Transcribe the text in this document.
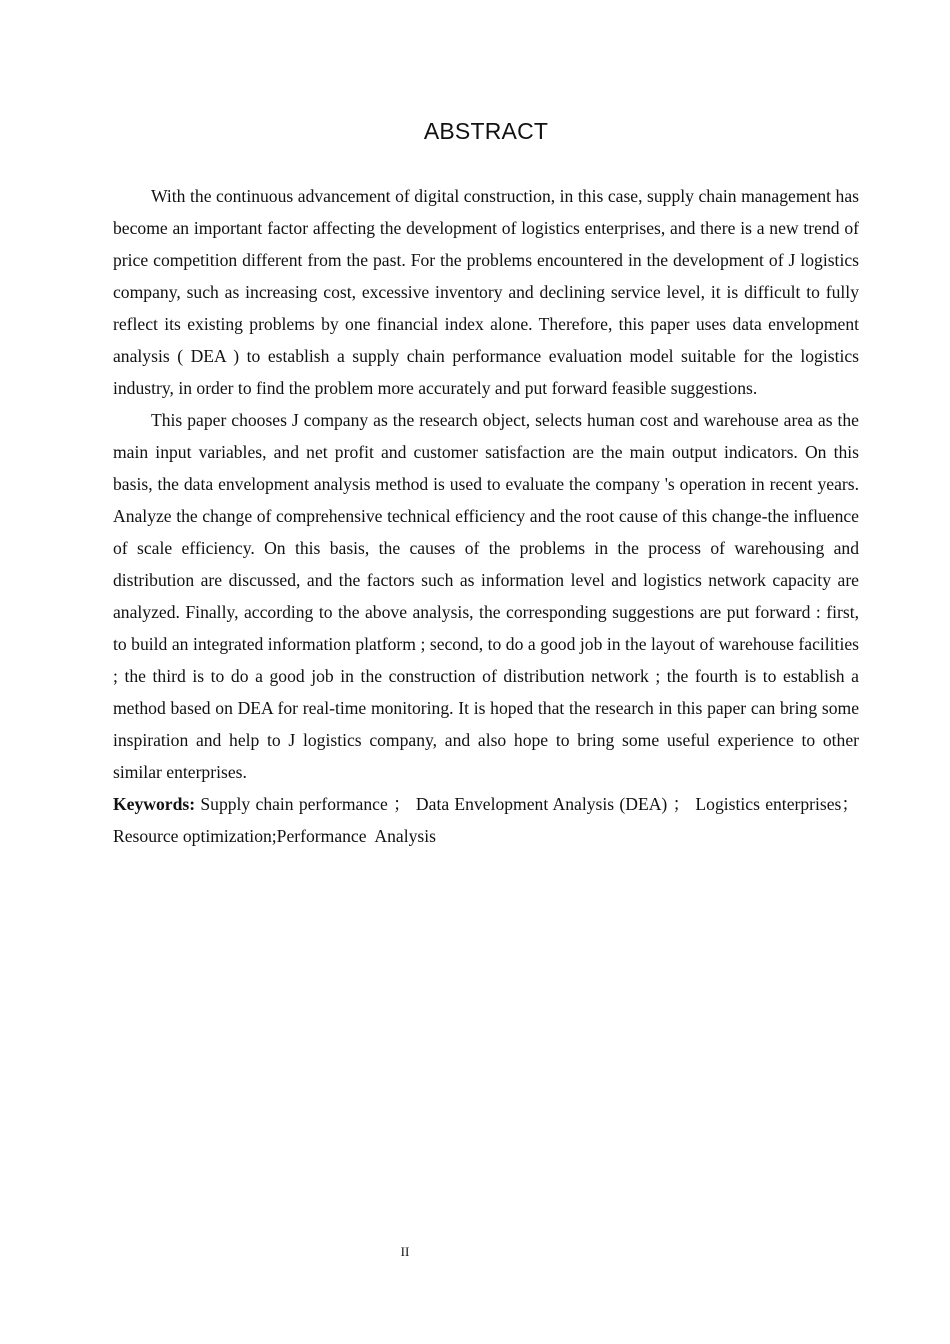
ABSTRACT

With the continuous advancement of digital construction, in this case, supply chain management has become an important factor affecting the development of logistics enterprises, and there is a new trend of price competition different from the past. For the problems encountered in the development of J logistics company, such as increasing cost, excessive inventory and declining service level, it is difficult to fully reflect its existing problems by one financial index alone. Therefore, this paper uses data envelopment analysis ( DEA ) to establish a supply chain performance evaluation model suitable for the logistics industry, in order to find the problem more accurately and put forward feasible suggestions.

This paper chooses J company as the research object, selects human cost and warehouse area as the main input variables, and net profit and customer satisfaction are the main output indicators. On this basis, the data envelopment analysis method is used to evaluate the company 's operation in recent years. Analyze the change of comprehensive technical efficiency and the root cause of this change-the influence of scale efficiency. On this basis, the causes of the problems in the process of warehousing and distribution are discussed, and the factors such as information level and logistics network capacity are analyzed. Finally, according to the above analysis, the corresponding suggestions are put forward : first, to build an integrated information platform ; second, to do a good job in the layout of warehouse facilities ; the third is to do a good job in the construction of distribution network ; the fourth is to establish a method based on DEA for real-time monitoring. It is hoped that the research in this paper can bring some inspiration and help to J logistics company, and also hope to bring some useful experience to other similar enterprises.

Keywords: Supply chain performance ； Data Envelopment Analysis (DEA) ； Logistics enterprises； Resource optimization;Performance  Analysis

II
